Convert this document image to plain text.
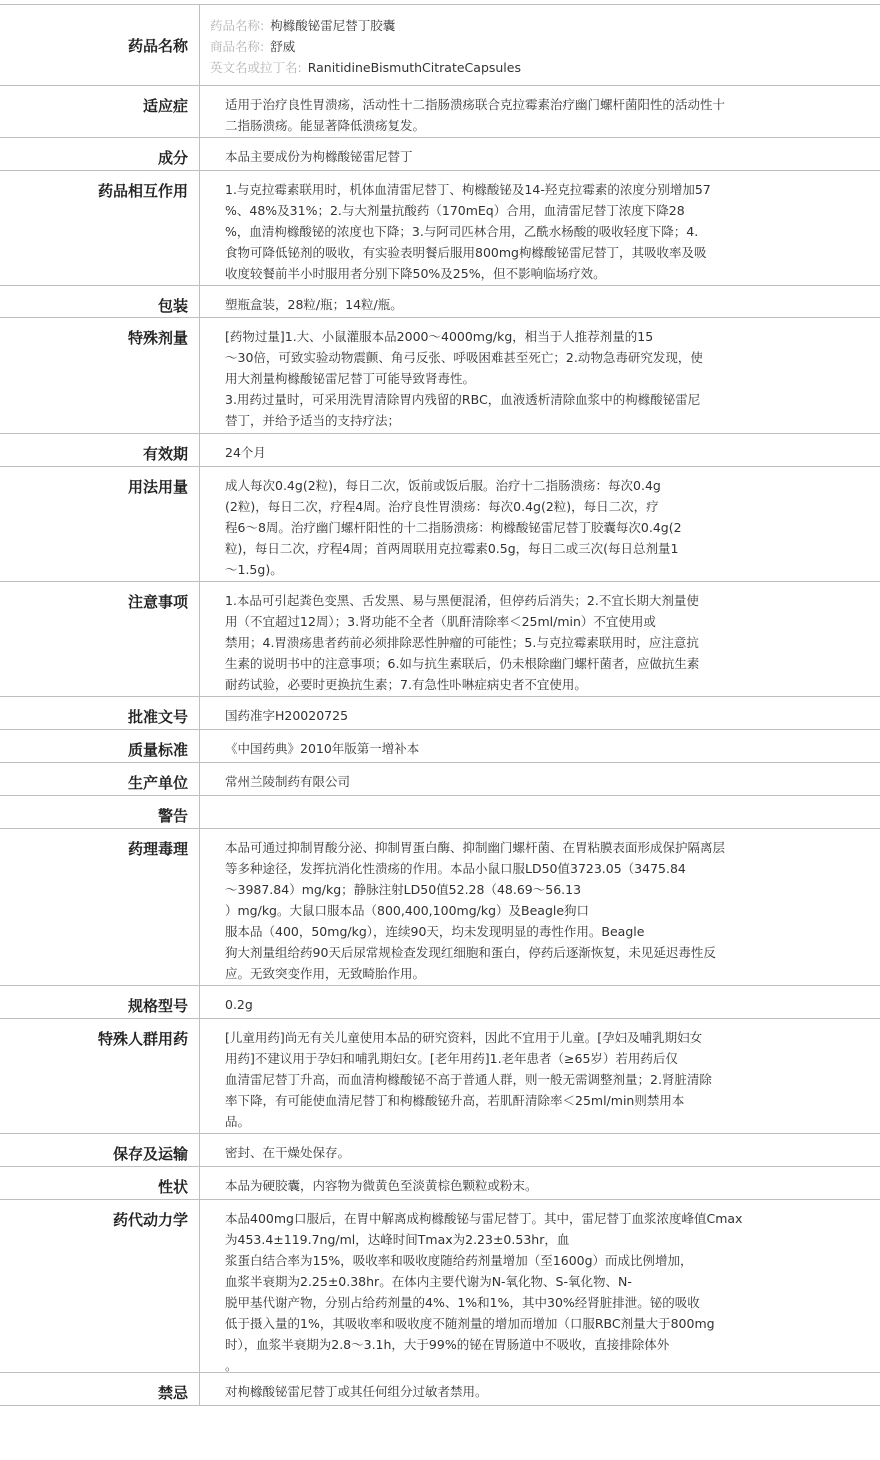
药品名称
药品名称: 枸橼酸铋雷尼替丁胶囊
商品名称: 舒威
英文名或拉丁名: RanitidineBismuthCitrateCapsules
适应症	适用于治疗良性胃溃疡，活动性十二指肠溃疡联合克拉霉素治疗幽门螺杆菌阳性的活动性十
二指肠溃疡。能显著降低溃疡复发。
成分	本品主要成份为枸橼酸铋雷尼替丁
药品相互作用	1.与克拉霉素联用时，机体血清雷尼替丁、枸橼酸铋及14-羟克拉霉素的浓度分别增加57
%、48%及31%；2.与大剂量抗酸药（170mEq）合用，血清雷尼替丁浓度下降28
%，血清枸橼酸铋的浓度也下降；3.与阿司匹林合用，乙酰水杨酸的吸收轻度下降；4.
食物可降低铋剂的吸收，有实验表明餐后服用800mg枸橼酸铋雷尼替丁，其吸收率及吸
收度较餐前半小时服用者分别下降50%及25%，但不影响临场疗效。
包装	塑瓶盒装，28粒/瓶；14粒/瓶。
特殊剂量	[药物过量]1.大、小鼠灌服本品2000～4000mg/kg，相当于人推荐剂量的15
～30倍，可致实验动物震颤、角弓反张、呼吸困难甚至死亡；2.动物急毒研究发现，使
用大剂量枸橼酸铋雷尼替丁可能导致肾毒性。
3.用药过量时，可采用洗胃清除胃内残留的RBC，血液透析清除血浆中的枸橼酸铋雷尼
替丁，并给予适当的支持疗法；
有效期	24个月
用法用量	成人每次0.4g(2粒)，每日二次，饭前或饭后服。治疗十二指肠溃疡：每次0.4g
(2粒)，每日二次，疗程4周。治疗良性胃溃疡：每次0.4g(2粒)，每日二次，疗
程6～8周。治疗幽门螺杆阳性的十二指肠溃疡：枸橼酸铋雷尼替丁胶囊每次0.4g(2
粒)，每日二次，疗程4周；首两周联用克拉霉素0.5g，每日二或三次(每日总剂量1
～1.5g)。
注意事项	1.本品可引起粪色变黑、舌发黑、易与黑便混淆，但停药后消失；2.不宜长期大剂量使
用（不宜超过12周）；3.肾功能不全者（肌酐清除率＜25ml/min）不宜使用或
禁用；4.胃溃疡患者药前必须排除恶性肿瘤的可能性；5.与克拉霉素联用时，应注意抗
生素的说明书中的注意事项；6.如与抗生素联后，仍未根除幽门螺杆菌者，应做抗生素
耐药试验，必要时更换抗生素；7.有急性卟啉症病史者不宜使用。
批准文号	国药准字H20020725
质量标准	《中国药典》2010年版第一增补本
生产单位	常州兰陵制药有限公司
警告
药理毒理	本品可通过抑制胃酸分泌、抑制胃蛋白酶、抑制幽门螺杆菌、在胃粘膜表面形成保护隔离层
等多种途径，发挥抗消化性溃疡的作用。本品小鼠口服LD50值3723.05（3475.84
～3987.84）mg/kg；静脉注射LD50值52.28（48.69～56.13
）mg/kg。大鼠口服本品（800,400,100mg/kg）及Beagle狗口
服本品（400，50mg/kg），连续90天，均未发现明显的毒性作用。Beagle
狗大剂量组给药90天后尿常规检查发现红细胞和蛋白，停药后逐渐恢复，未见延迟毒性反
应。无致突变作用，无致畸胎作用。
规格型号	0.2g
特殊人群用药	[儿童用药]尚无有关儿童使用本品的研究资料，因此不宜用于儿童。[孕妇及哺乳期妇女
用药]不建议用于孕妇和哺乳期妇女。[老年用药]1.老年患者（≥65岁）若用药后仅
血清雷尼替丁升高，而血清枸橼酸铋不高于普通人群，则一般无需调整剂量；2.肾脏清除
率下降，有可能使血清尼替丁和枸橼酸铋升高，若肌酐清除率＜25ml/min则禁用本
品。
保存及运输	密封、在干燥处保存。
性状	本品为硬胶囊，内容物为微黄色至淡黄棕色颗粒或粉末。
药代动力学	本品400mg口服后，在胃中解离成枸橼酸铋与雷尼替丁。其中，雷尼替丁血浆浓度峰值Cmax
为453.4±119.7ng/ml，达峰时间Tmax为2.23±0.53hr，血
浆蛋白结合率为15%，吸收率和吸收度随给药剂量增加（至1600g）而成比例增加，
血浆半衰期为2.25±0.38hr。在体内主要代谢为N-氧化物、S-氧化物、N-
脱甲基代谢产物，分别占给药剂量的4%、1%和1%，其中30%经肾脏排泄。铋的吸收
低于摄入量的1%，其吸收率和吸收度不随剂量的增加而增加（口服RBC剂量大于800mg
时），血浆半衰期为2.8～3.1h，大于99%的铋在胃肠道中不吸收，直接排除体外
。
禁忌	对枸橼酸铋雷尼替丁或其任何组分过敏者禁用。
